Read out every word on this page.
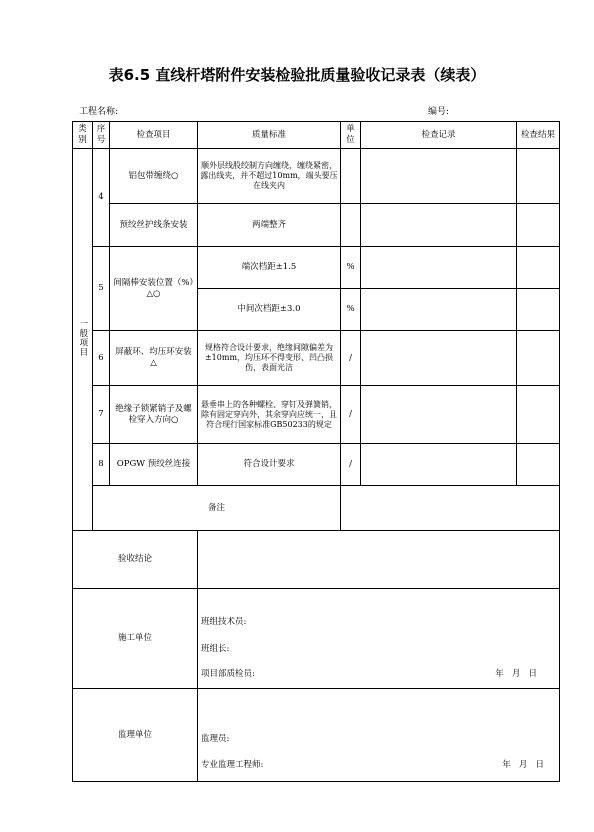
表6.5 直线杆塔附件安装检验批质量验收记录表（续表）
工程名称:	编号:
类别	序号	检查项目	质量标准	单位	检查记录	检查结果
一般项目	4	铝包带缠绕○	顺外层线股绞制方向缠绕，缠绕紧密，露出线夹，并不超过10mm，端头要压在线夹内			
		预绞丝护线条安装	两端整齐			
	5	间隔棒安装位置（%）△○	端次档距±1.5	%		
			中间次档距±3.0	%		
	6	屏蔽环、均压环安装△	规格符合设计要求，绝缘间隙偏差为±10mm，均压环不得变形、凹凸损伤，表面光洁	/		
	7	绝缘子锁紧销子及螺栓穿入方向○	悬垂串上的各种螺栓、穿钉及弹簧销，除有固定穿向外，其余穿向应统一，且符合现行国家标准GB50233的规定	/		
	8	OPGW 预绞丝连接	符合设计要求	/		
	备注					
验收结论						
施工单位			班组技术员:
班组长:
项目部质检员: 年   月   日			

监理单位			监理员:
专业监理工程师: 年   月   日			
